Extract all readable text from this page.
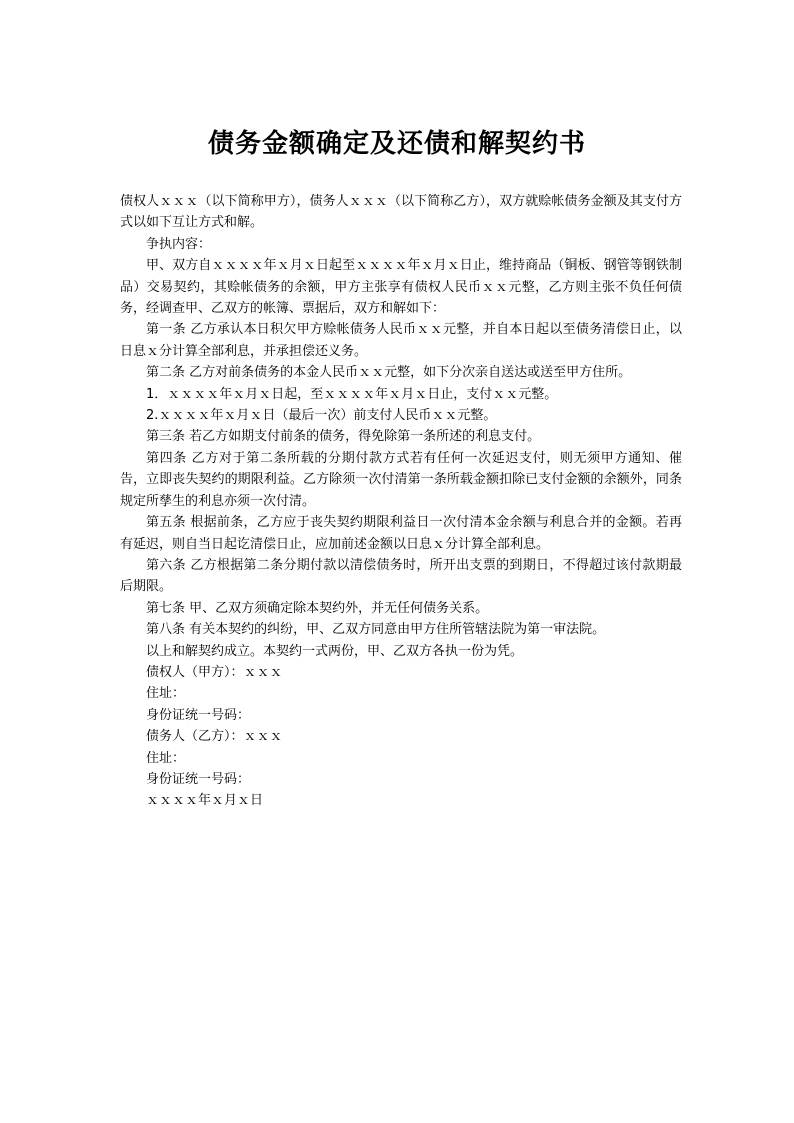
债务金额确定及还债和解契约书

债权人ｘｘｘ（以下简称甲方），债务人ｘｘｘ（以下简称乙方），双方就赊帐债务金额及其支付方式以如下互让方式和解。

争执内容：

甲、双方自ｘｘｘｘ年ｘ月ｘ日起至ｘｘｘｘ年ｘ月ｘ日止，维持商品（铜板、钢管等钢铁制品）交易契约，其赊帐债务的余额，甲方主张享有债权人民币ｘｘ元整，乙方则主张不负任何债务，经调查甲、乙双方的帐簿、票据后，双方和解如下：

第一条 乙方承认本日积欠甲方赊帐债务人民币ｘｘ元整，并自本日起以至债务清偿日止，以日息ｘ分计算全部利息，并承担偿还义务。

第二条 乙方对前条债务的本金人民币ｘｘ元整，如下分次亲自送达或送至甲方住所。

1．ｘｘｘｘ年ｘ月ｘ日起，至ｘｘｘｘ年ｘ月ｘ日止，支付ｘｘ元整。

2.ｘｘｘｘ年ｘ月ｘ日（最后一次）前支付人民币ｘｘ元整。

第三条 若乙方如期支付前条的债务，得免除第一条所述的利息支付。

第四条 乙方对于第二条所载的分期付款方式若有任何一次延迟支付，则无须甲方通知、催告，立即丧失契约的期限利益。乙方除须一次付清第一条所载金额扣除已支付金额的余额外，同条规定所孳生的利息亦须一次付清。

第五条 根据前条，乙方应于丧失契约期限利益日一次付清本金余额与利息合并的金额。若再有延迟，则自当日起讫清偿日止，应加前述金额以日息ｘ分计算全部利息。

第六条 乙方根据第二条分期付款以清偿债务时，所开出支票的到期日，不得超过该付款期最后期限。

第七条 甲、乙双方须确定除本契约外，并无任何债务关系。

第八条 有关本契约的纠纷，甲、乙双方同意由甲方住所管辖法院为第一审法院。

以上和解契约成立。本契约一式两份，甲、乙双方各执一份为凭。

债权人（甲方）：ｘｘｘ

住址：

身份证统一号码：

债务人（乙方）：ｘｘｘ

住址：

身份证统一号码：

ｘｘｘｘ年ｘ月ｘ日
